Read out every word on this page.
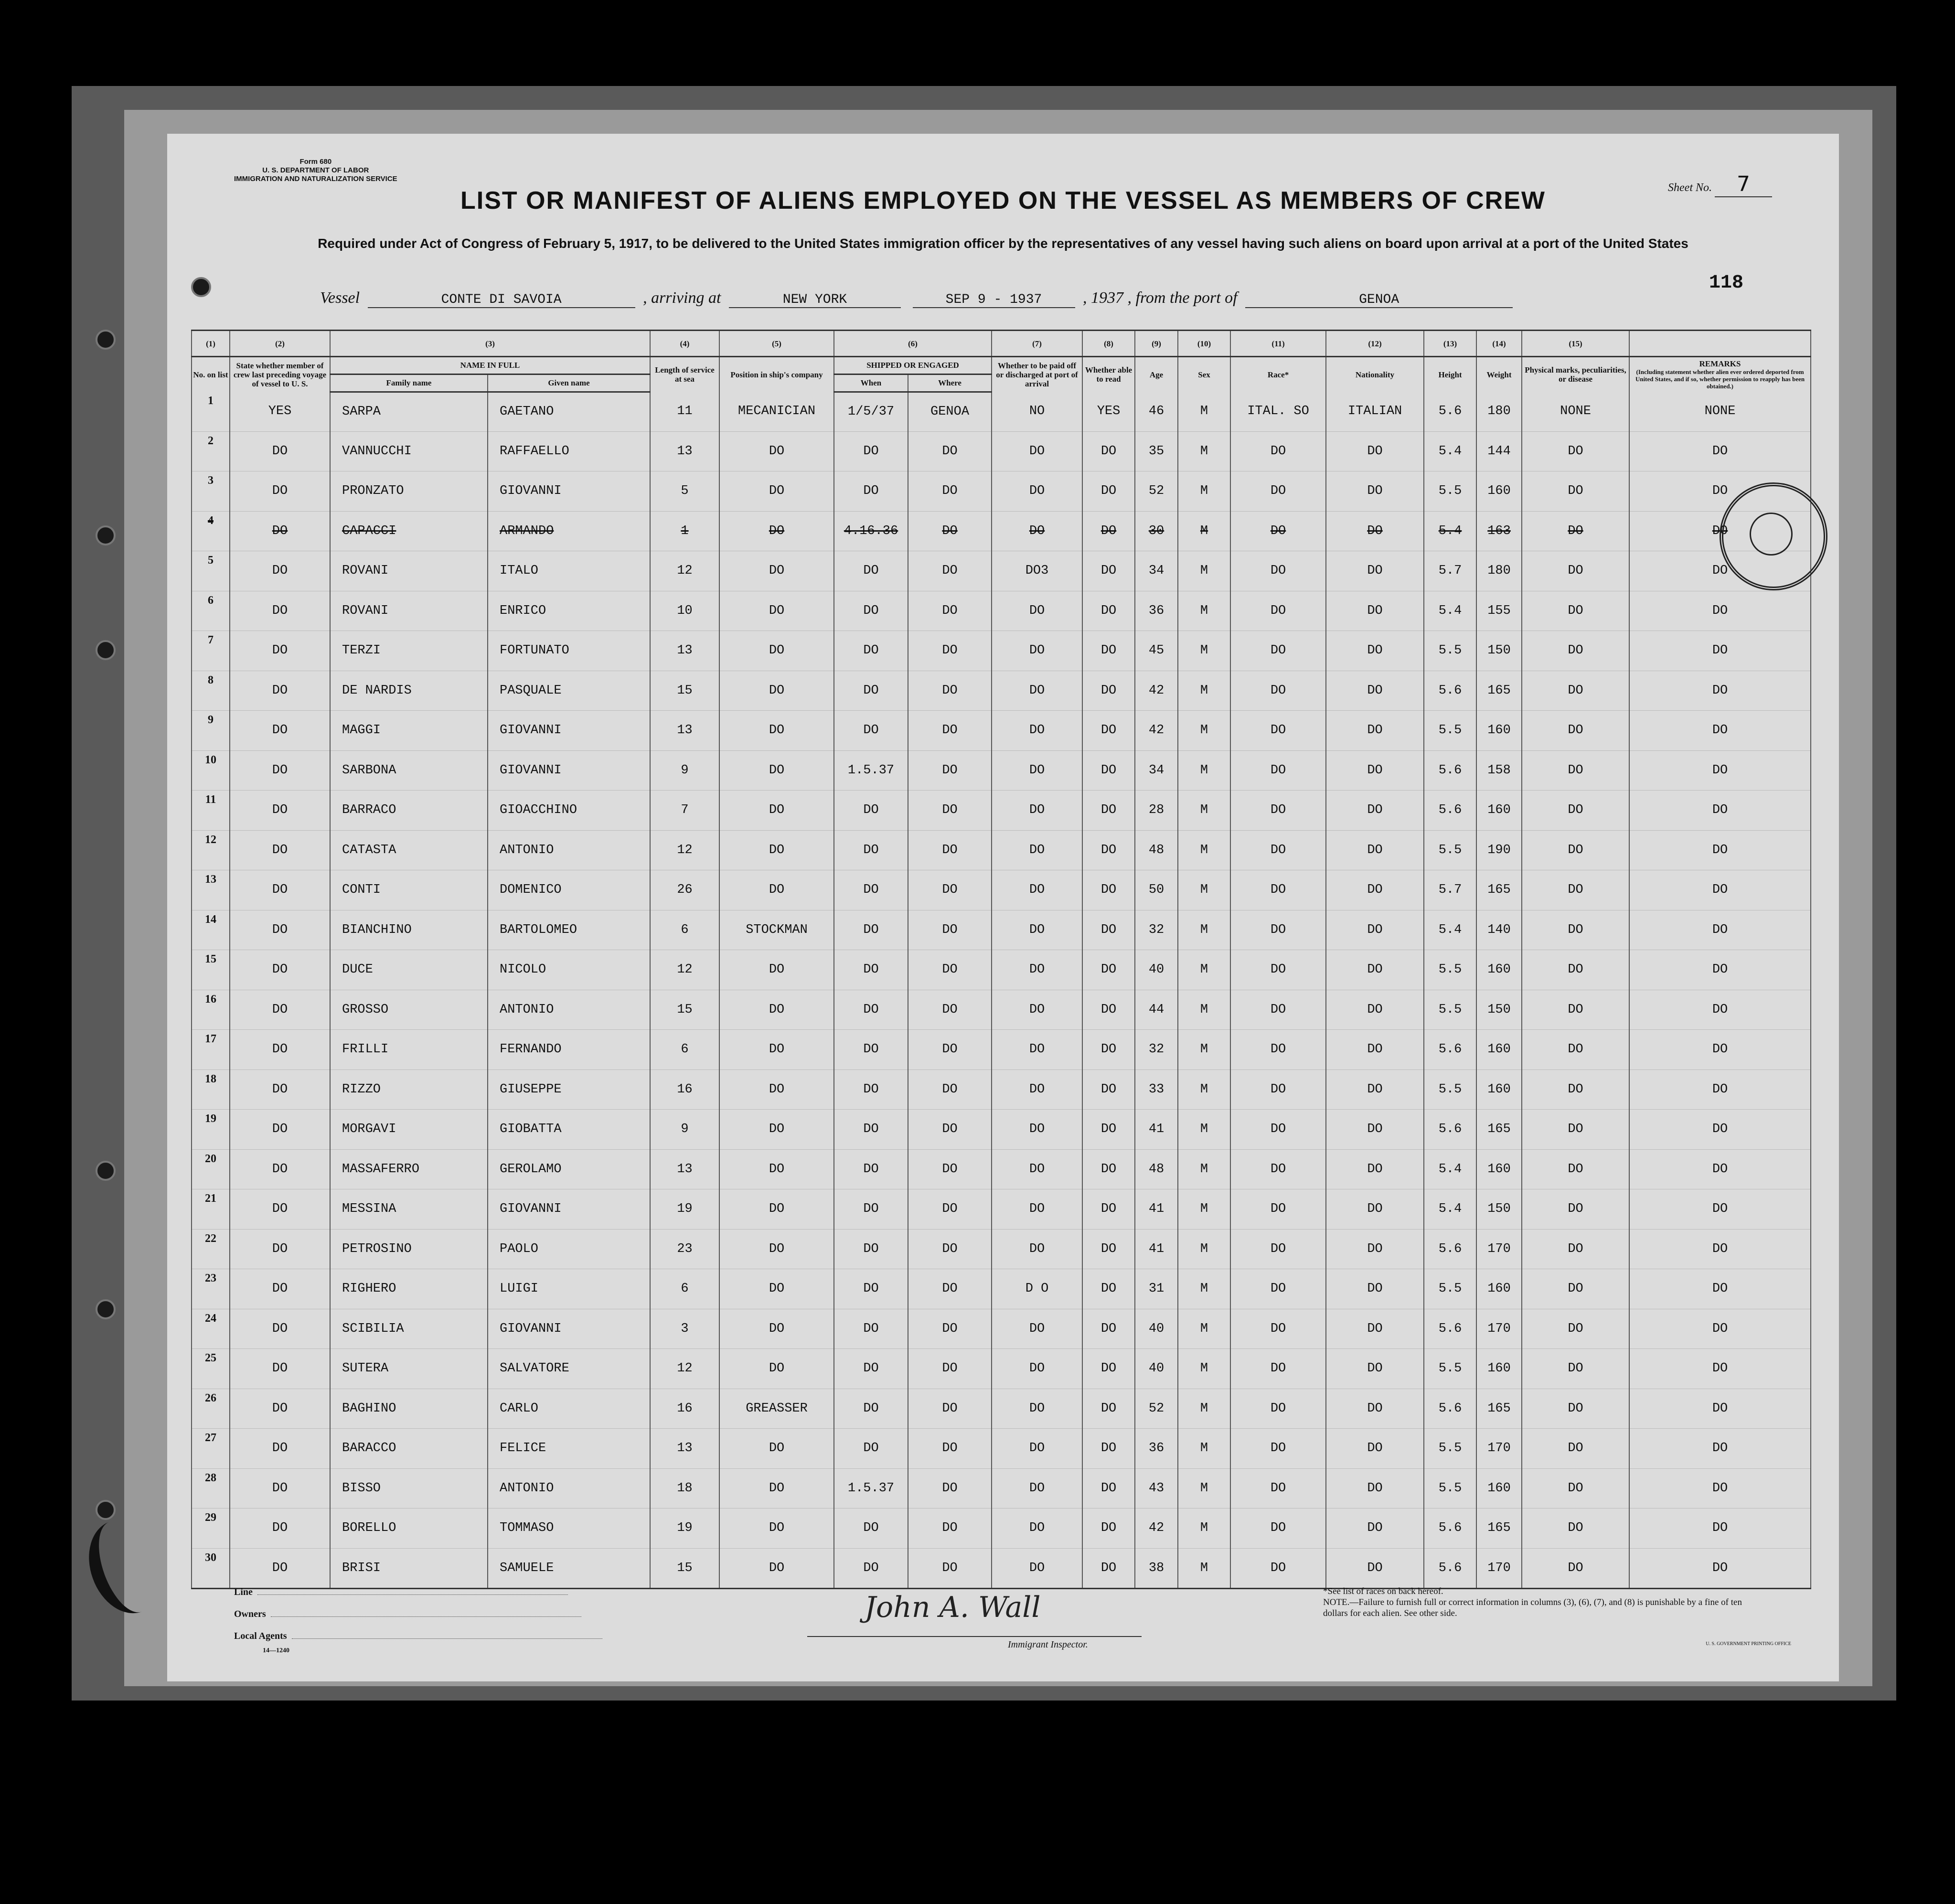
Form 680
U. S. DEPARTMENT OF LABOR
IMMIGRATION AND NATURALIZATION SERVICE
Sheet No. 7
LIST OR MANIFEST OF ALIENS EMPLOYED ON THE VESSEL AS MEMBERS OF CREW
Required under Act of Congress of February 5, 1917, to be delivered to the United States immigration officer by the representatives of any vessel having such aliens on board upon arrival at a port of the United States
118
Vessel	CONTE DI SAVOIA	, arriving at	NEW YORK	SEP 9 - 1937	, 1937 , from the port of	GENOA
(1)	(2)	(3)		(4)	(5)	(6)		(7)	(8)	(9)	(10)	(11)	(12)	(13)	(14)	(15)	
No. on list	State whether member of crew last preceding voyage of vessel to U. S.	NAME IN FULL		Length of service at sea	Position in ship's company	SHIPPED OR ENGAGED		Whether to be paid off or discharged at port of arrival	Whether able to read	Age	Sex	Race*	Nationality	Height	Weight	Physical marks, peculiarities, or disease	REMARKS
(Including statement whether alien ever ordered deported from United States, and if so, whether permission to reapply has been obtained.)

		Family name	Given name			When	Where										
1	YES	SARPA	GAETANO	11	MECANICIAN	1/5/37	GENOA	NO	YES	46	M	ITAL. SO	ITALIAN	5.6	180	NONE	NONE
2	DO	VANNUCCHI	RAFFAELLO	13	DO	DO	DO	DO	DO	35	M	DO	DO	5.4	144	DO	DO
3	DO	PRONZATO	GIOVANNI	5	DO	DO	DO	DO	DO	52	M	DO	DO	5.5	160	DO	DO
4	DO	CAPACCI	ARMANDO	1	DO	4.16.36	DO	DO	DO	30	M	DO	DO	5.4	163	DO	DO
5	DO	ROVANI	ITALO	12	DO	DO	DO	DO3	DO	34	M	DO	DO	5.7	180	DO	DO
6	DO	ROVANI	ENRICO	10	DO	DO	DO	DO	DO	36	M	DO	DO	5.4	155	DO	DO
7	DO	TERZI	FORTUNATO	13	DO	DO	DO	DO	DO	45	M	DO	DO	5.5	150	DO	DO
8	DO	DE NARDIS	PASQUALE	15	DO	DO	DO	DO	DO	42	M	DO	DO	5.6	165	DO	DO
9	DO	MAGGI	GIOVANNI	13	DO	DO	DO	DO	DO	42	M	DO	DO	5.5	160	DO	DO
10	DO	SARBONA	GIOVANNI	9	DO	1.5.37	DO	DO	DO	34	M	DO	DO	5.6	158	DO	DO
11	DO	BARRACO	GIOACCHINO	7	DO	DO	DO	DO	DO	28	M	DO	DO	5.6	160	DO	DO
12	DO	CATASTA	ANTONIO	12	DO	DO	DO	DO	DO	48	M	DO	DO	5.5	190	DO	DO
13	DO	CONTI	DOMENICO	26	DO	DO	DO	DO	DO	50	M	DO	DO	5.7	165	DO	DO
14	DO	BIANCHINO	BARTOLOMEO	6	STOCKMAN	DO	DO	DO	DO	32	M	DO	DO	5.4	140	DO	DO
15	DO	DUCE	NICOLO	12	DO	DO	DO	DO	DO	40	M	DO	DO	5.5	160	DO	DO
16	DO	GROSSO	ANTONIO	15	DO	DO	DO	DO	DO	44	M	DO	DO	5.5	150	DO	DO
17	DO	FRILLI	FERNANDO	6	DO	DO	DO	DO	DO	32	M	DO	DO	5.6	160	DO	DO
18	DO	RIZZO	GIUSEPPE	16	DO	DO	DO	DO	DO	33	M	DO	DO	5.5	160	DO	DO
19	DO	MORGAVI	GIOBATTA	9	DO	DO	DO	DO	DO	41	M	DO	DO	5.6	165	DO	DO
20	DO	MASSAFERRO	GEROLAMO	13	DO	DO	DO	DO	DO	48	M	DO	DO	5.4	160	DO	DO
21	DO	MESSINA	GIOVANNI	19	DO	DO	DO	DO	DO	41	M	DO	DO	5.4	150	DO	DO
22	DO	PETROSINO	PAOLO	23	DO	DO	DO	DO	DO	41	M	DO	DO	5.6	170	DO	DO
23	DO	RIGHERO	LUIGI	6	DO	DO	DO	D O	DO	31	M	DO	DO	5.5	160	DO	DO
24	DO	SCIBILIA	GIOVANNI	3	DO	DO	DO	DO	DO	40	M	DO	DO	5.6	170	DO	DO
25	DO	SUTERA	SALVATORE	12	DO	DO	DO	DO	DO	40	M	DO	DO	5.5	160	DO	DO
26	DO	BAGHINO	CARLO	16	GREASSER	DO	DO	DO	DO	52	M	DO	DO	5.6	165	DO	DO
27	DO	BARACCO	FELICE	13	DO	DO	DO	DO	DO	36	M	DO	DO	5.5	170	DO	DO
28	DO	BISSO	ANTONIO	18	DO	1.5.37	DO	DO	DO	43	M	DO	DO	5.5	160	DO	DO
29	DO	BORELLO	TOMMASO	19	DO	DO	DO	DO	DO	42	M	DO	DO	5.6	165	DO	DO
30	DO	BRISI	SAMUELE	15	DO	DO	DO	DO	DO	38	M	DO	DO	5.6	170	DO	DO
Line
Owners
Local Agents
14—1240
John A. Wall
Immigrant Inspector.
*See list of races on back hereof.
NOTE.—Failure to furnish full or correct information in columns (3), (6), (7), and (8) is punishable by a fine of ten dollars for each alien. See other side.
U. S. GOVERNMENT PRINTING OFFICE
